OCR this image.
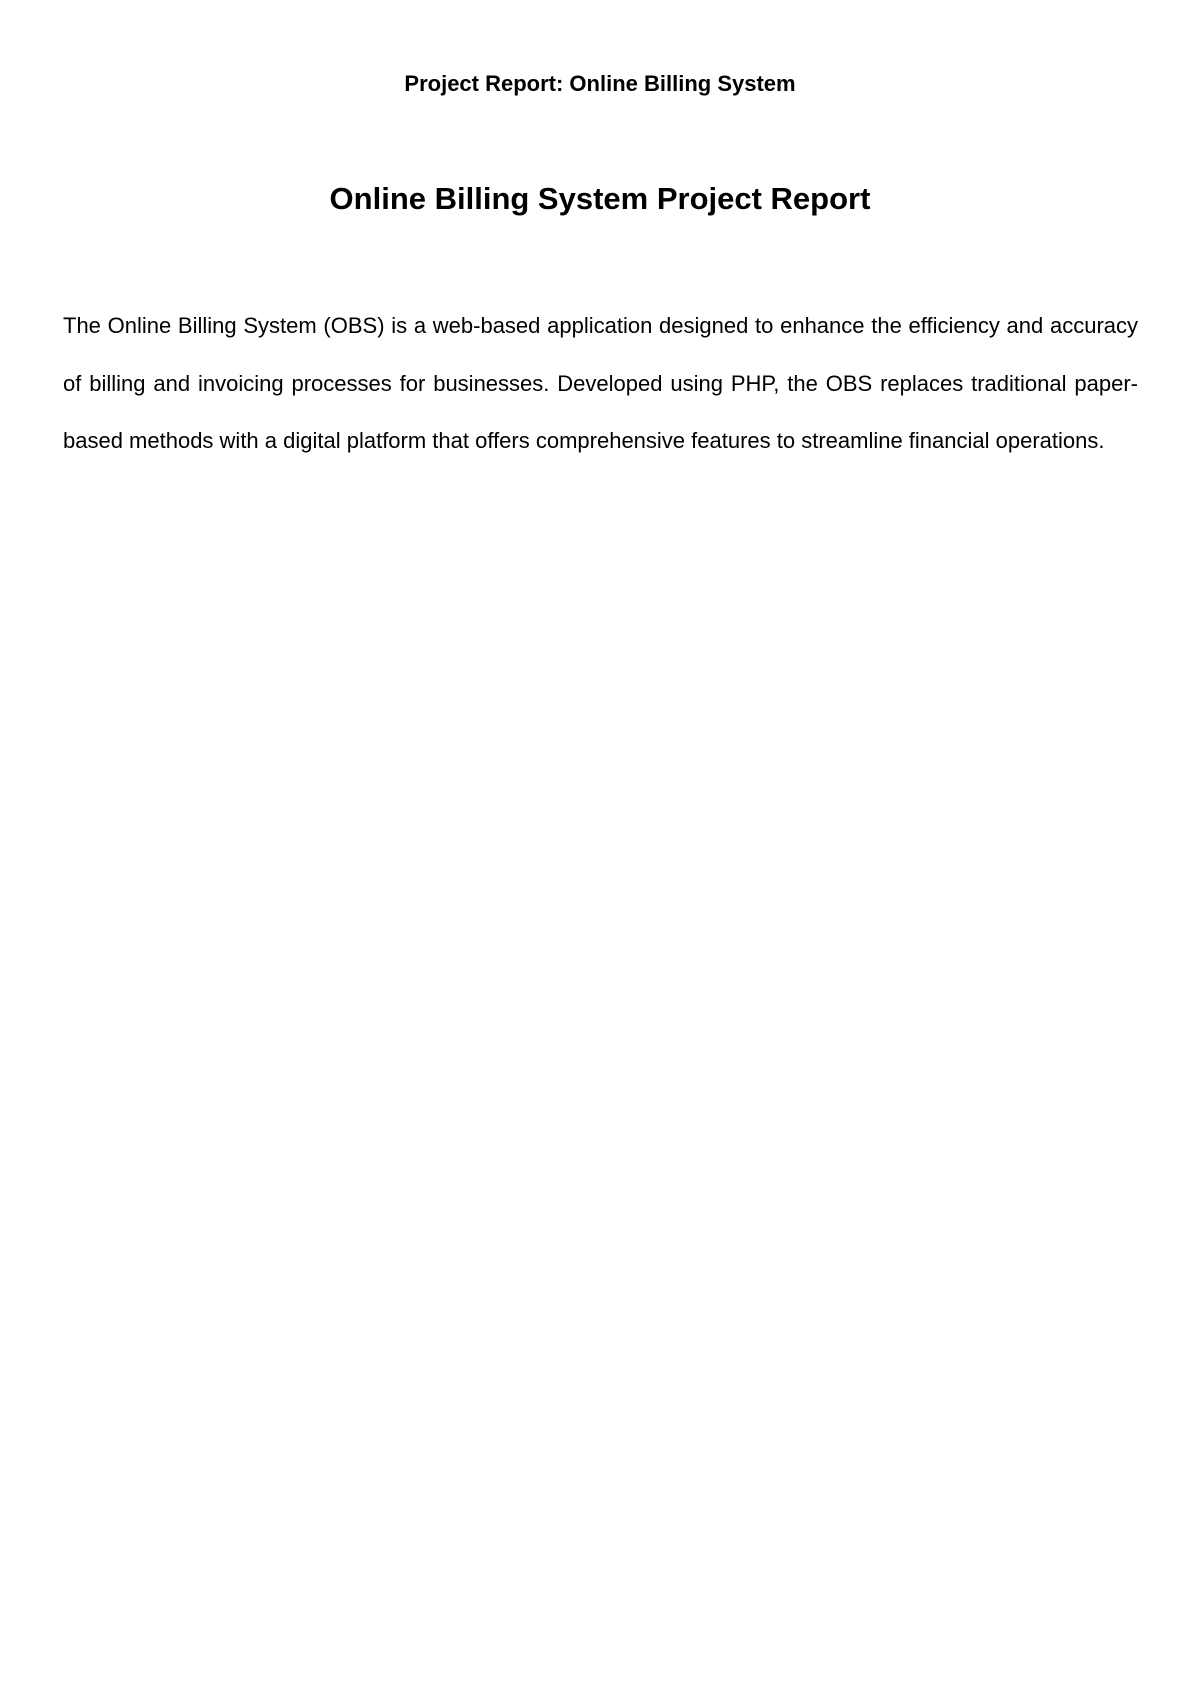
Project Report: Online Billing System
Online Billing System Project Report

The Online Billing System (OBS) is a web-based application designed to enhance the efficiency and accuracy of billing and invoicing processes for businesses. Developed using PHP, the OBS replaces traditional paper-based methods with a digital platform that offers comprehensive features to streamline financial operations.
